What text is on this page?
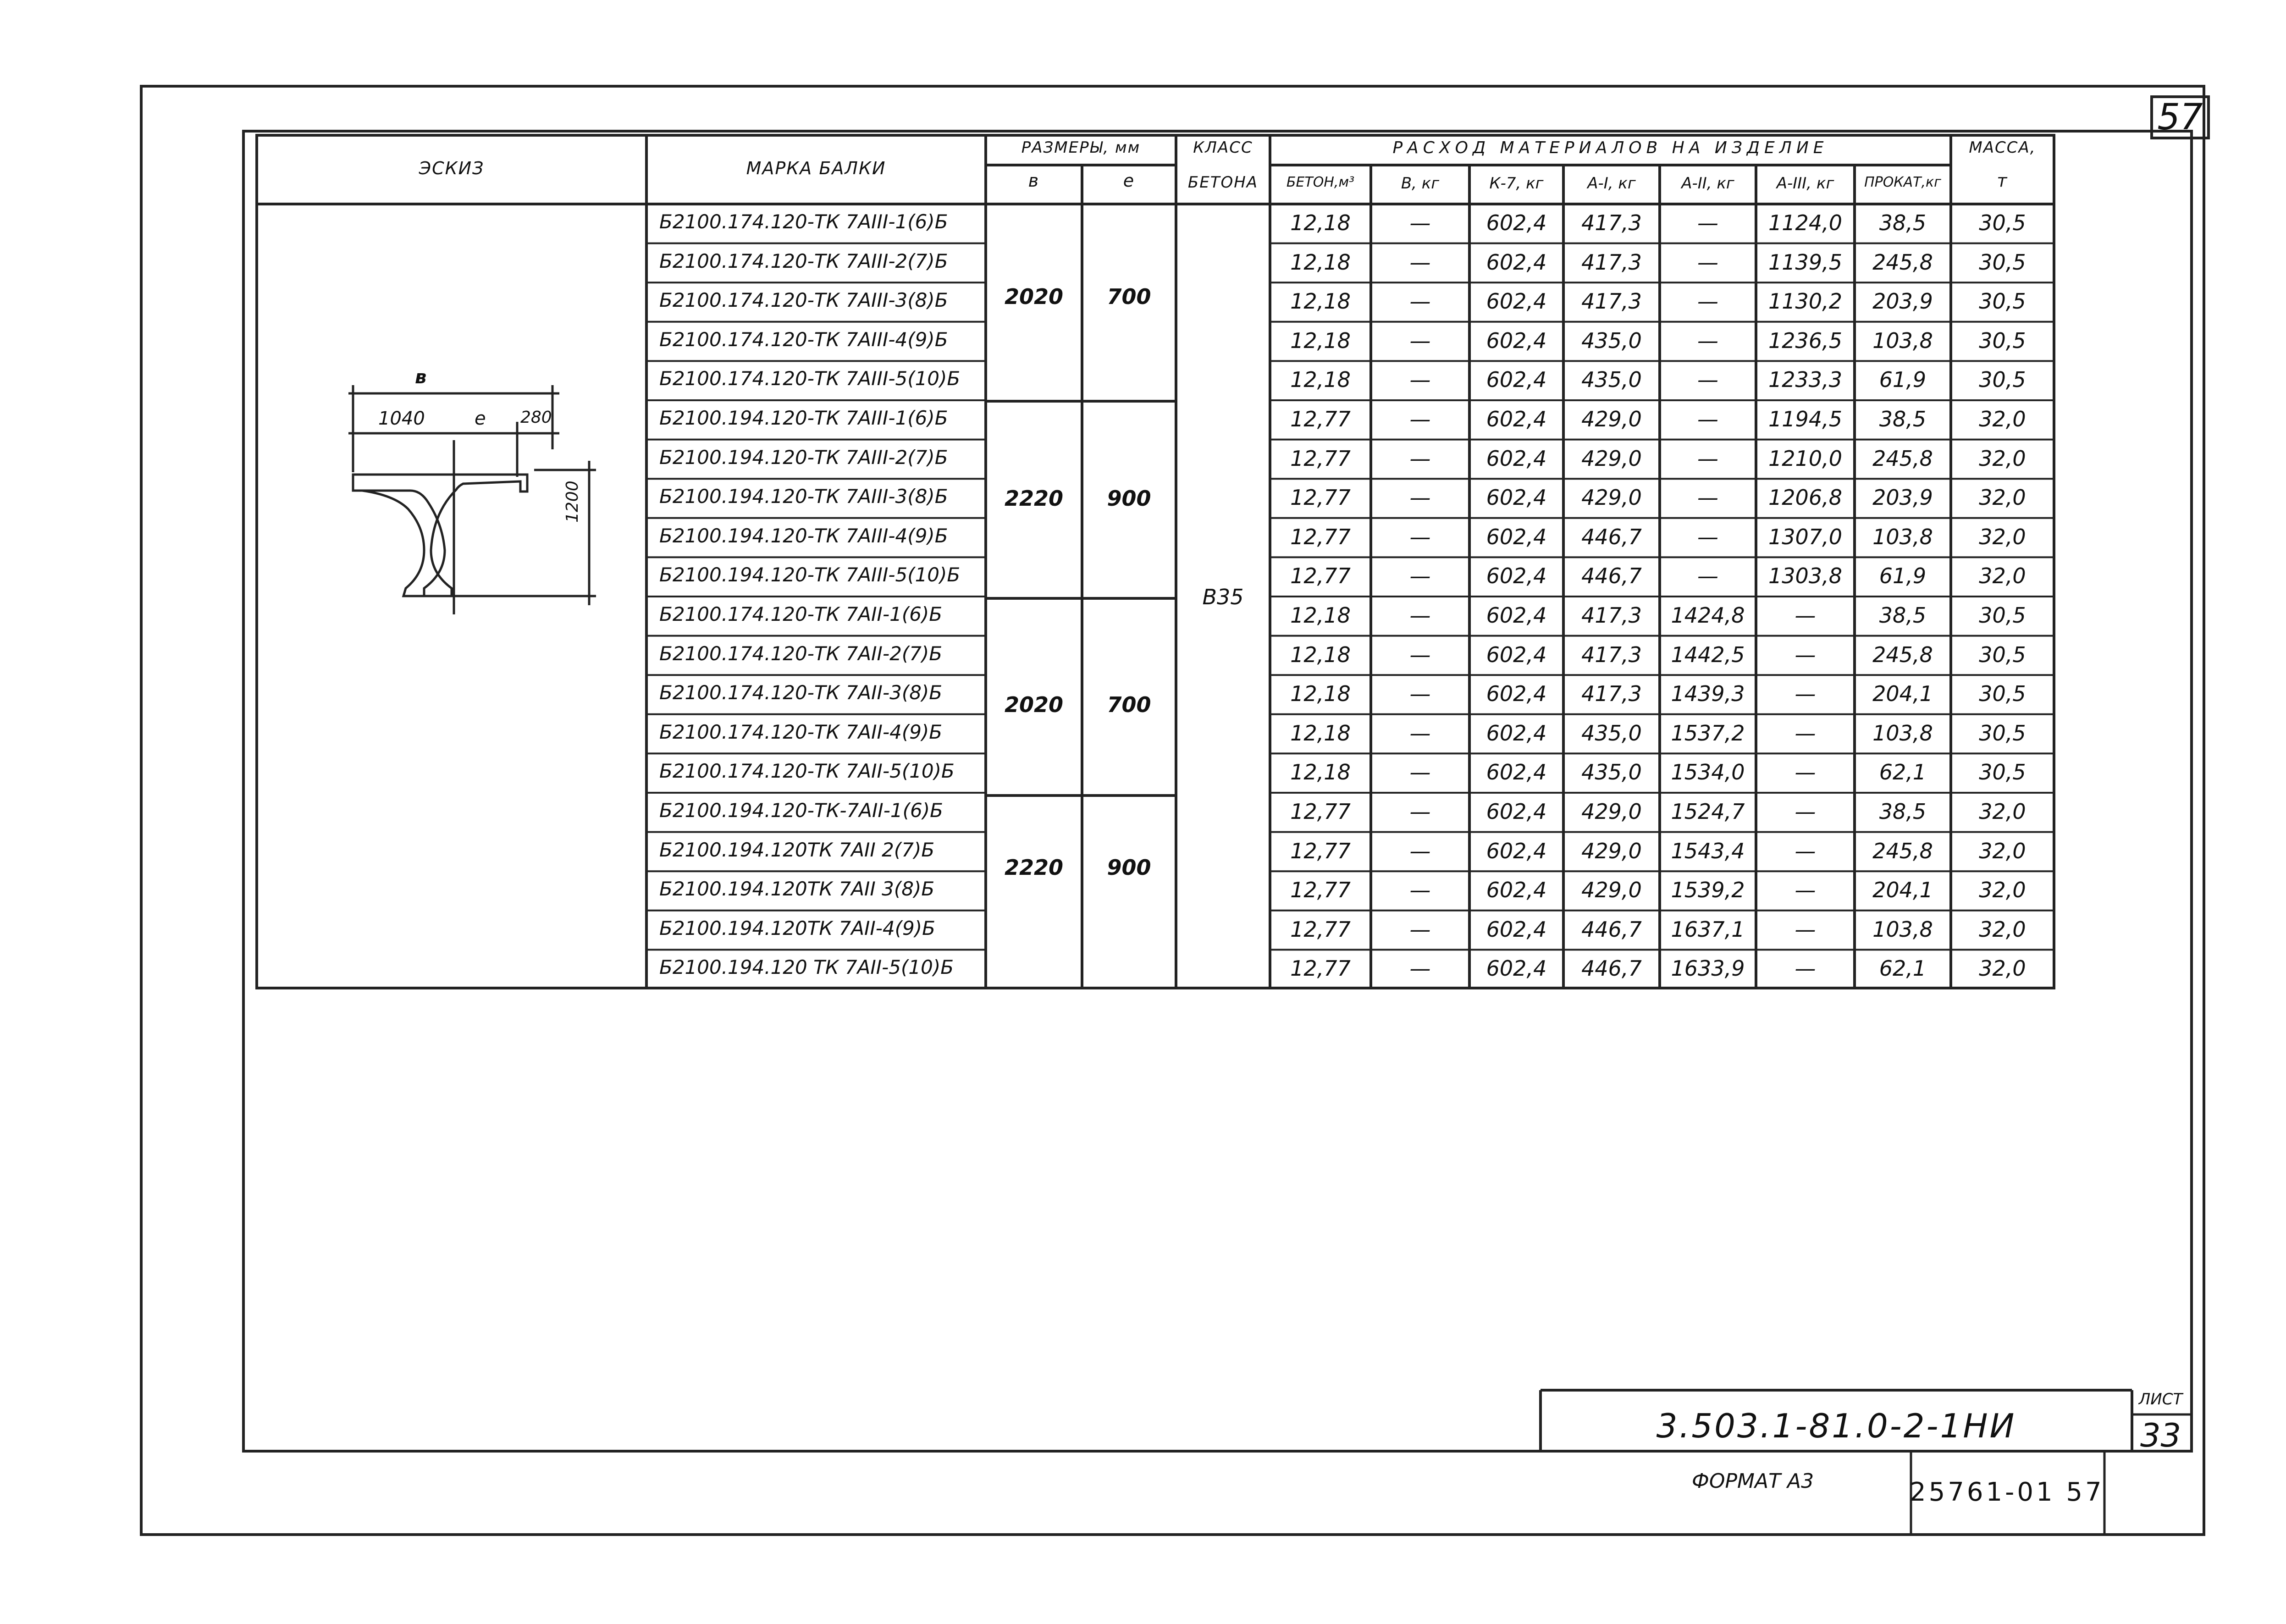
57
ЭСКИЗ	МАРКА БАЛКИ
РАЗМЕРЫ, мм
в	е
КЛАСС
БЕТОНА
РАСХОД МАТЕРИАЛОВ НА ИЗДЕЛИЕ	МАССА,
т
БЕТОН,м³	В, кг	К-7, кг	А-I, кг	А-II, кг	А-III, кг	ПРОКАТ,кг
2020	700
2220	900
2020	700
2220	900
В35
в
1040	е 280
1200
Б2100.174.120-ТК 7АIII-1(6)Б	12,18	—	602,4	417,3	—	1124,0	38,5	30,5
Б2100.174.120-ТК 7АIII-2(7)Б	12,18	—	602,4	417,3	—	1139,5	245,8	30,5
Б2100.174.120-ТК 7АIII-3(8)Б	12,18	—	602,4	417,3	—	1130,2	203,9	30,5
Б2100.174.120-ТК 7АIII-4(9)Б	12,18	—	602,4	435,0	—	1236,5	103,8	30,5
Б2100.174.120-ТК 7АIII-5(10)Б	12,18	—	602,4	435,0	—	1233,3	61,9	30,5
Б2100.194.120-ТК 7АIII-1(6)Б	12,77	—	602,4	429,0	—	1194,5	38,5	32,0
Б2100.194.120-ТК 7АIII-2(7)Б	12,77	—	602,4	429,0	—	1210,0	245,8	32,0
Б2100.194.120-ТК 7АIII-3(8)Б	12,77	—	602,4	429,0	—	1206,8	203,9	32,0
Б2100.194.120-ТК 7АIII-4(9)Б	12,77	—	602,4	446,7	—	1307,0	103,8	32,0
Б2100.194.120-ТК 7АIII-5(10)Б	12,77	—	602,4	446,7	—	1303,8	61,9	32,0
Б2100.174.120-ТК 7АII-1(6)Б	12,18	—	602,4	417,3	1424,8	—	38,5	30,5
Б2100.174.120-ТК 7АII-2(7)Б	12,18	—	602,4	417,3	1442,5	—	245,8	30,5
Б2100.174.120-ТК 7АII-3(8)Б	12,18	—	602,4	417,3	1439,3	—	204,1	30,5
Б2100.174.120-ТК 7АII-4(9)Б	12,18	—	602,4	435,0	1537,2	—	103,8	30,5
Б2100.174.120-ТК 7АII-5(10)Б	12,18	—	602,4	435,0	1534,0	—	62,1	30,5
Б2100.194.120-ТК-7АII-1(6)Б	12,77	—	602,4	429,0	1524,7	—	38,5	32,0
Б2100.194.120ТК 7АII 2(7)Б	12,77	—	602,4	429,0	1543,4	—	245,8	32,0
Б2100.194.120ТК 7АII 3(8)Б	12,77	—	602,4	429,0	1539,2	—	204,1	32,0
Б2100.194.120ТК 7АII-4(9)Б	12,77	—	602,4	446,7	1637,1	—	103,8	32,0
Б2100.194.120 ТК 7АII-5(10)Б	12,77	—	602,4	446,7	1633,9	—	62,1	32,0
3.503.1-81.0-2-1НИ
ЛИСТ
33
ФОРМАТ А3	25761-01 57
